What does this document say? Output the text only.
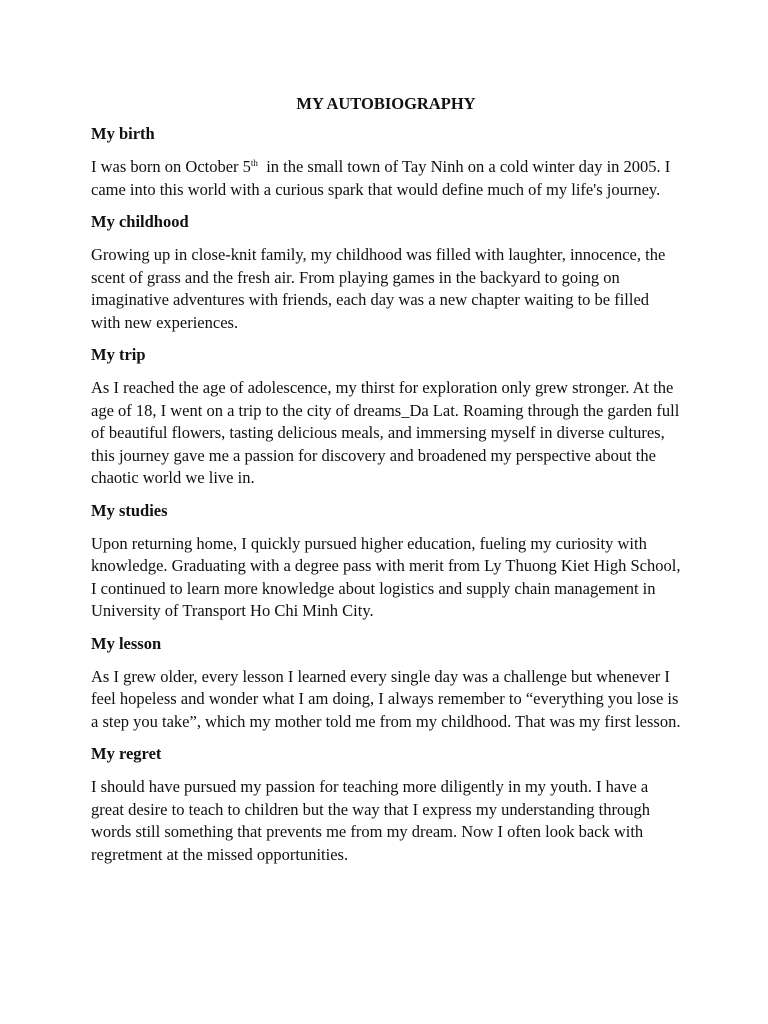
MY AUTOBIOGRAPHY
My birth

I was born on October 5th  in the small town of Tay Ninh on a cold winter day in 2005. I came into this world with a curious spark that would define much of my life's journey.

My childhood

Growing up in close-knit family, my childhood was filled with laughter, innocence, the scent of grass and the fresh air. From playing games in the backyard to going on imaginative adventures with friends, each day was a new chapter waiting to be filled with new experiences.

My trip

As I reached the age of adolescence, my thirst for exploration only grew stronger. At the age of 18, I went on a trip to the city of dreams_Da Lat. Roaming through the garden full of beautiful flowers, tasting delicious meals, and immersing myself in diverse cultures, this journey gave me a passion for discovery and broadened my perspective about the chaotic world we live in.

My studies

Upon returning home, I quickly pursued higher education, fueling my curiosity with knowledge. Graduating with a degree pass with merit from Ly Thuong Kiet High School, I continued to learn more knowledge about logistics and supply chain management in University of Transport Ho Chi Minh City.

My lesson

As I grew older, every lesson I learned every single day was a challenge but whenever I feel hopeless and wonder what I am doing, I always remember to “everything you lose is a step you take”, which my mother told me from my childhood. That was my first lesson.

My regret

I should have pursued my passion for teaching more diligently in my youth. I have a great desire to teach to children but the way that I express my understanding through words still something that prevents me from my dream. Now I often look back with regretment at the missed opportunities.
